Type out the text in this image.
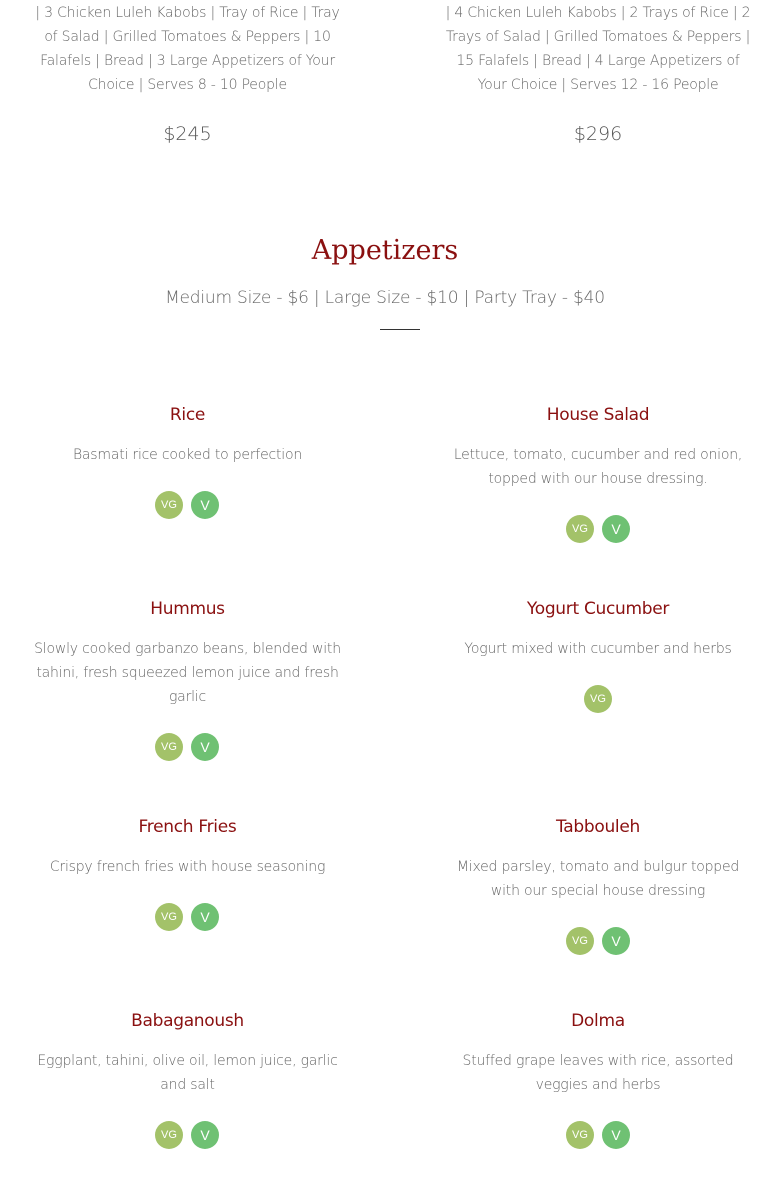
| 3 Chicken Luleh Kabobs | Tray of Rice | Tray of Salad | Grilled Tomatoes & Peppers | 10 Falafels | Bread | 3 Large Appetizers of Your Choice | Serves 8 - 10 People
$245
| 4 Chicken Luleh Kabobs | 2 Trays of Rice | 2 Trays of Salad | Grilled Tomatoes & Peppers | 15 Falafels | Bread | 4 Large Appetizers of Your Choice | Serves 12 - 16 People
$296
Appetizers
Medium Size - $6 | Large Size - $10 | Party Tray - $40
Rice
Basmati rice cooked to perfection
VG	V
House Salad
Lettuce, tomato, cucumber and red onion, topped with our house dressing.
VG	V
Hummus
Slowly cooked garbanzo beans, blended with tahini, fresh squeezed lemon juice and fresh garlic
VG	V
Yogurt Cucumber
Yogurt mixed with cucumber and herbs
VG
French Fries
Crispy french fries with house seasoning
VG	V
Tabbouleh
Mixed parsley, tomato and bulgur topped with our special house dressing
VG	V
Babaganoush
Eggplant, tahini, olive oil, lemon juice, garlic and salt
VG	V
Dolma
Stuffed grape leaves with rice, assorted veggies and herbs
VG	V
